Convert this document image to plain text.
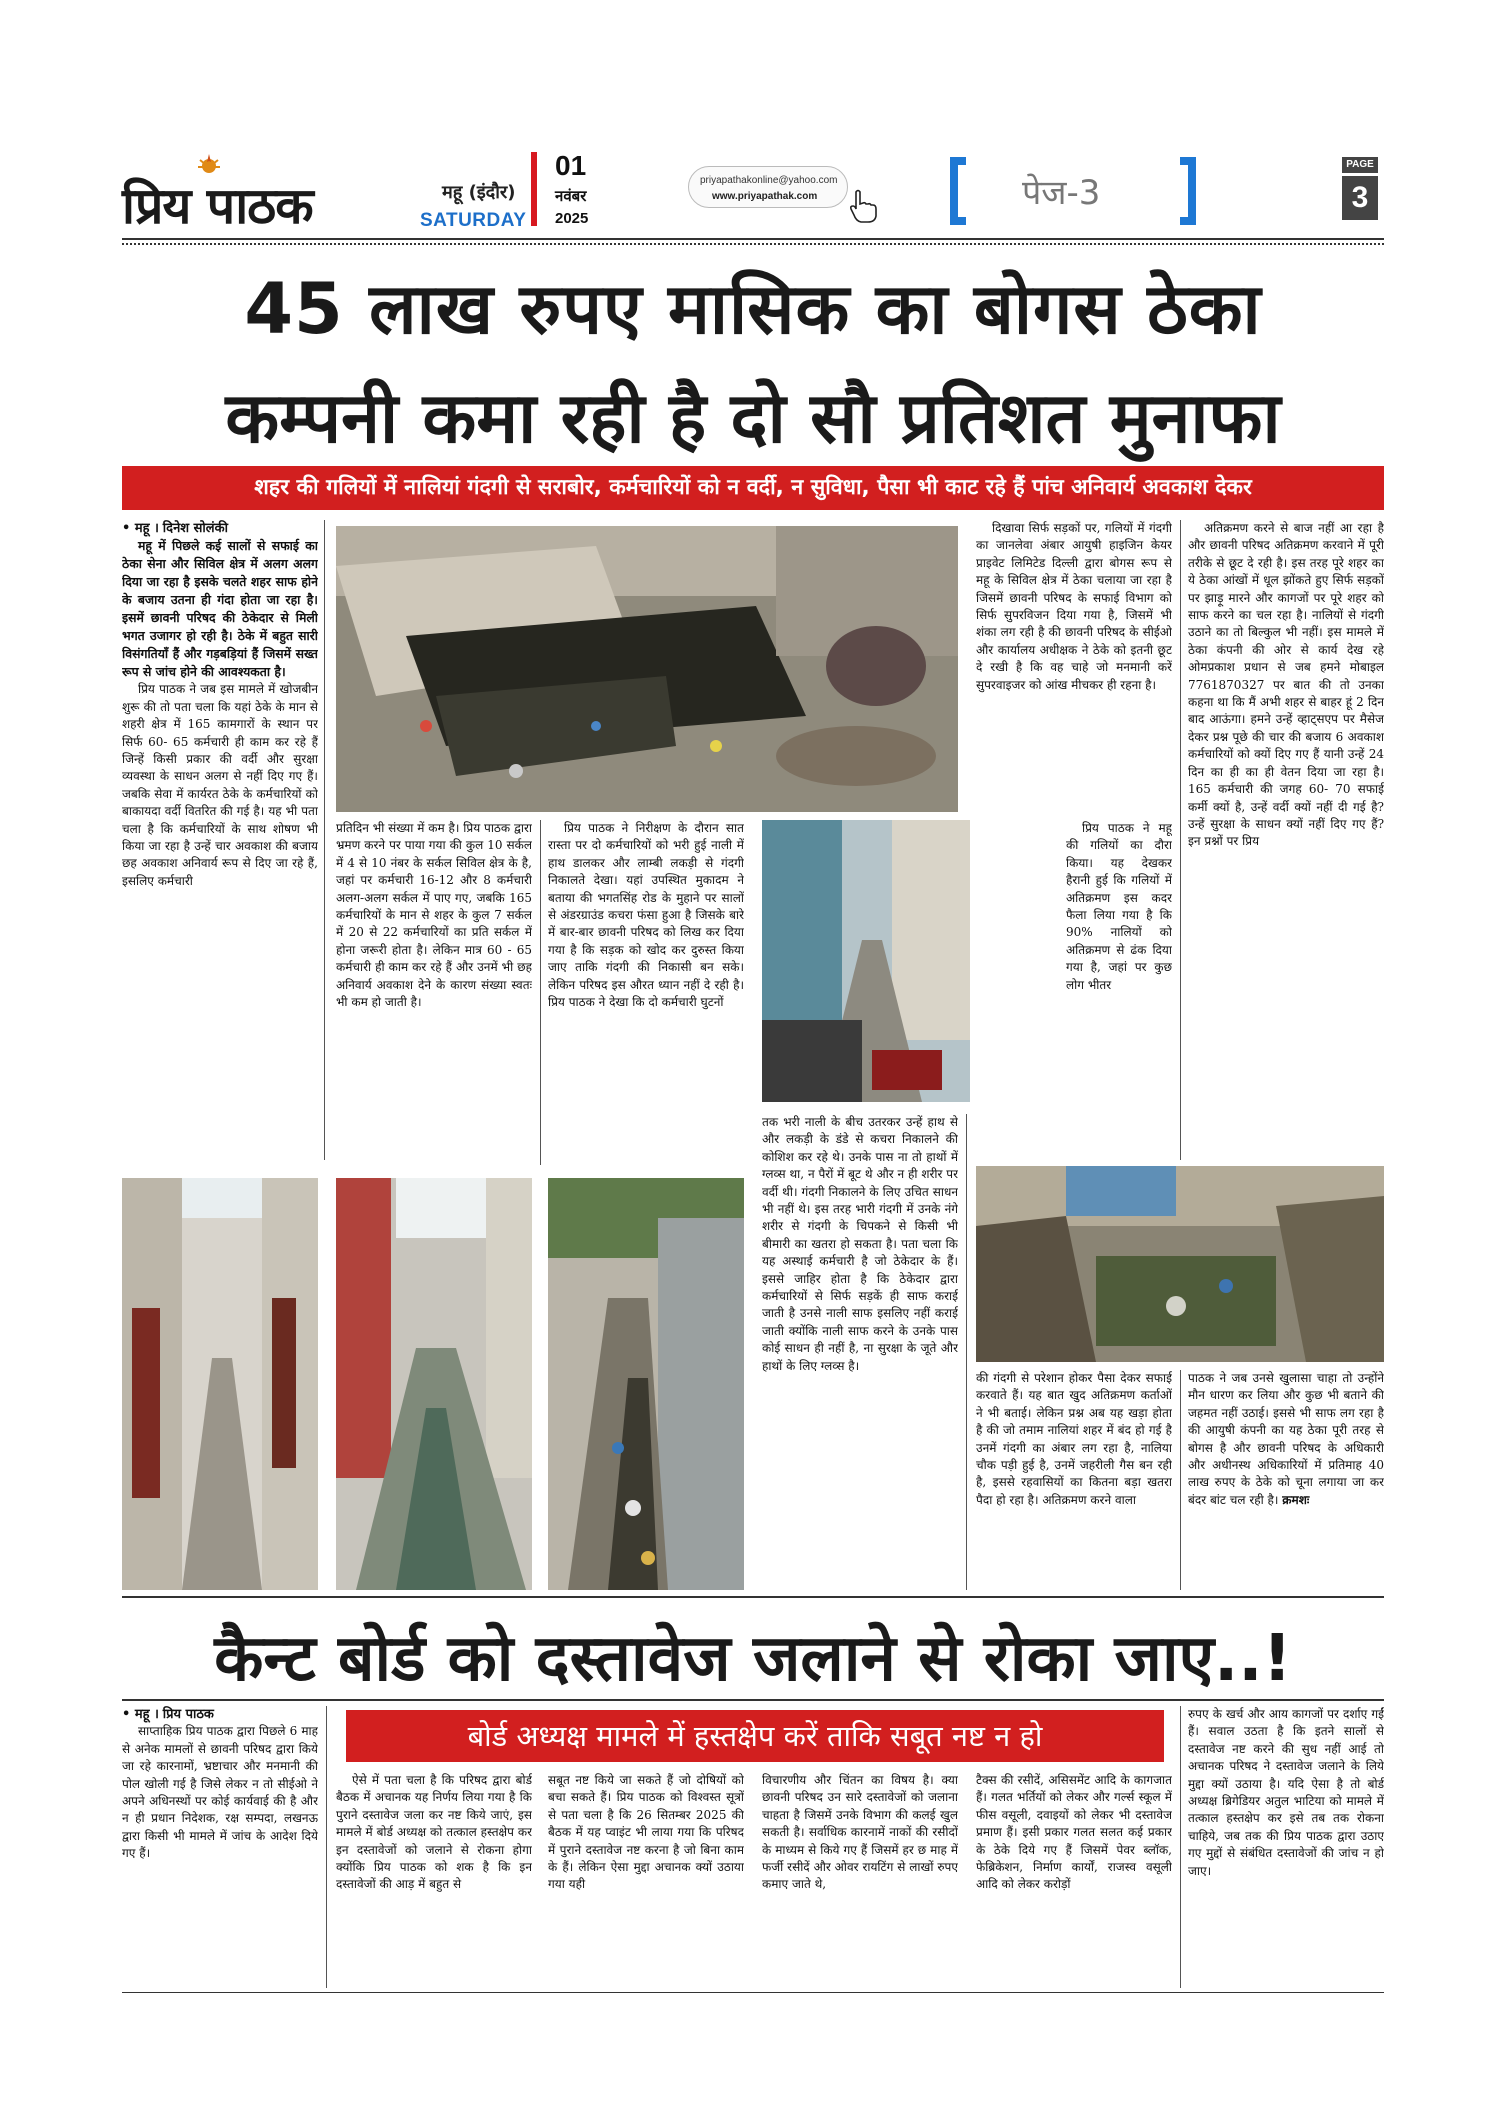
प्रिय पाठक	महू (इंदौर)
SATURDAY
01
नवंबर
2025
priyapathakonline@yahoo.com
www.priyapathak.com	पेज-3
PAGE
3
45 लाख रुपए मासिक का बोगस ठेका
कम्पनी कमा रही है दो सौ प्रतिशत मुनाफा
शहर की गलियों में नालियां गंदगी से सराबोर, कर्मचारियों को न वर्दी, न सुविधा, पैसा भी काट रहे हैं पांच अनिवार्य अवकाश देकर

• महू । दिनेश सोलंकी

महू में पिछले कई सालों से सफाई का ठेका सेना और सिविल क्षेत्र में अलग अलग दिया जा रहा है इसके चलते शहर साफ होने के बजाय उतना ही गंदा होता जा रहा है। इसमें छावनी परिषद की ठेकेदार से मिली भगत उजागर हो रही है। ठेके में बहुत सारी विसंगतियाँ हैं और गड़बड़ियां हैं जिसमें सख्त रूप से जांच होने की आवश्यकता है।

प्रिय पाठक ने जब इस मामले में खोजबीन शुरू की तो पता चला कि यहां ठेके के मान से शहरी क्षेत्र में 165 कामगारों के स्थान पर सिर्फ 60- 65 कर्मचारी ही काम कर रहे हैं जिन्हें किसी प्रकार की वर्दी और सुरक्षा व्यवस्था के साधन अलग से नहीं दिए गए हैं। जबकि सेवा में कार्यरत ठेके के कर्मचारियों को बाकायदा वर्दी वितरित की गई है। यह भी पता चला है कि कर्मचारियों के साथ शोषण भी किया जा रहा है उन्हें चार अवकाश की बजाय छह अवकाश अनिवार्य रूप से दिए जा रहे हैं, इसलिए कर्मचारी

प्रतिदिन भी संख्या में कम है। प्रिय पाठक द्वारा भ्रमण करने पर पाया गया की कुल 10 सर्कल में 4 से 10 नंबर के सर्कल सिविल क्षेत्र के है, जहां पर कर्मचारी 16-12 और 8 कर्मचारी अलग-अलग सर्कल में पाए गए, जबकि 165 कर्मचारियों के मान से शहर के कुल 7 सर्कल में 20 से 22 कर्मचारियों का प्रति सर्कल में होना जरूरी होता है। लेकिन मात्र 60 - 65 कर्मचारी ही काम कर रहे हैं और उनमें भी छह अनिवार्य अवकाश देने के कारण संख्या स्वतः भी कम हो जाती है।

प्रिय पाठक ने निरीक्षण के दौरान सात रास्ता पर दो कर्मचारियों को भरी हुई नाली में हाथ डालकर और लाम्बी लकड़ी से गंदगी निकालते देखा। यहां उपस्थित मुकादम ने बताया की भगतसिंह रोड के मुहाने पर सालों से अंडरग्राउंड कचरा फंसा हुआ है जिसके बारे में बार-बार छावनी परिषद को लिख कर दिया गया है कि सड़क को खोद कर दुरुस्त किया जाए ताकि गंदगी की निकासी बन सके। लेकिन परिषद इस औरत ध्यान नहीं दे रही है। प्रिय पाठक ने देखा कि दो कर्मचारी घुटनों

दिखावा सिर्फ सड़कों पर, गलियों में गंदगी का जानलेवा अंबार आयुषी हाइजिन केयर प्राइवेट लिमिटेड दिल्ली द्वारा बोगस रूप से महू के सिविल क्षेत्र में ठेका चलाया जा रहा है जिसमें छावनी परिषद के सफाई विभाग को सिर्फ सुपरविजन दिया गया है, जिसमें भी शंका लग रही है की छावनी परिषद के सीईओ और कार्यालय अधीक्षक ने ठेके को इतनी छूट दे रखी है कि वह चाहे जो मनमानी करें सुपरवाइजर को आंख मीचकर ही रहना है।

प्रिय पाठक ने महू की गलियों का दौरा किया। यह देखकर हैरानी हुई कि गलियों में अतिक्रमण इस कदर फैला लिया गया है कि 90% नालियों को अतिक्रमण से ढंक दिया गया है, जहां पर कुछ लोग भीतर

अतिक्रमण करने से बाज नहीं आ रहा है और छावनी परिषद अतिक्रमण करवाने में पूरी तरीके से छूट दे रही है। इस तरह पूरे शहर का ये ठेका आंखों में धूल झोंकते हुए सिर्फ सड़कों पर झाड़ू मारने और कागजों पर पूरे शहर को साफ करने का चल रहा है। नालियों से गंदगी उठाने का तो बिल्कुल भी नहीं। इस मामले में ठेका कंपनी की ओर से कार्य देख रहे ओमप्रकाश प्रधान से जब हमने मोबाइल 7761870327 पर बात की तो उनका कहना था कि मैं अभी शहर से बाहर हूं 2 दिन बाद आऊंगा। हमने उन्हें व्हाट्सएप पर मैसेज देकर प्रश्न पूछे की चार की बजाय 6 अवकाश कर्मचारियों को क्यों दिए गए हैं यानी उन्हें 24 दिन का ही का ही वेतन दिया जा रहा है। 165 कर्मचारी की जगह 60- 70 सफाई कर्मी क्यों है, उन्हें वर्दी क्यों नहीं दी गई है? उन्हें सुरक्षा के साधन क्यों नहीं दिए गए हैं? इन प्रश्नों पर प्रिय

तक भरी नाली के बीच उतरकर उन्हें हाथ से और लकड़ी के डंडे से कचरा निकालने की कोशिश कर रहे थे। उनके पास ना तो हाथों में ग्लव्स था, न पैरों में बूट थे और न ही शरीर पर वर्दी थी। गंदगी निकालने के लिए उचित साधन भी नहीं थे। इस तरह भारी गंदगी में उनके नंगे शरीर से गंदगी के चिपकने से किसी भी बीमारी का खतरा हो सकता है। पता चला कि यह अस्थाई कर्मचारी है जो ठेकेदार के हैं। इससे जाहिर होता है कि ठेकेदार द्वारा कर्मचारियों से सिर्फ सड़कें ही साफ कराई जाती है उनसे नाली साफ इसलिए नहीं कराई जाती क्योंकि नाली साफ करने के उनके पास कोई साधन ही नहीं है, ना सुरक्षा के जूते और हाथों के लिए ग्लव्स है।

की गंदगी से परेशान होकर पैसा देकर सफाई करवाते हैं। यह बात खुद अतिक्रमण कर्ताओं ने भी बताई। लेकिन प्रश्न अब यह खड़ा होता है की जो तमाम नालियां शहर में बंद हो गई है उनमें गंदगी का अंबार लग रहा है, नालिया चौक पड़ी हुई है, उनमें जहरीली गैस बन रही है, इससे रहवासियों का कितना बड़ा खतरा पैदा हो रहा है। अतिक्रमण करने वाला

पाठक ने जब उनसे खुलासा चाहा तो उन्होंने मौन धारण कर लिया और कुछ भी बताने की जहमत नहीं उठाई। इससे भी साफ लग रहा है की आयुषी कंपनी का यह ठेका पूरी तरह से बोगस है और छावनी परिषद के अधिकारी और अधीनस्थ अधिकारियों में प्रतिमाह 40 लाख रुपए के ठेके को चूना लगाया जा कर बंदर बांट चल रही है। क्रमशः

कैन्ट बोर्ड को दस्तावेज जलाने से रोका जाए..!
बोर्ड अध्यक्ष मामले में हस्तक्षेप करें ताकि सबूत नष्ट न हो

• महू । प्रिय पाठक

साप्ताहिक प्रिय पाठक द्वारा पिछले 6 माह से अनेक मामलों से छावनी परिषद द्वारा किये जा रहे कारनामों, भ्रष्टाचार और मनमानी की पोल खोली गई है जिसे लेकर न तो सीईओ ने अपने अधिनस्थों पर कोई कार्यवाई की है और न ही प्रधान निदेशक, रक्ष सम्पदा, लखनऊ द्वारा किसी भी मामले में जांच के आदेश दिये गए हैं।

ऐसे में पता चला है कि परिषद द्वारा बोर्ड बैठक में अचानक यह निर्णय लिया गया है कि पुराने दस्तावेज जला कर नष्ट किये जाएं, इस मामले में बोर्ड अध्यक्ष को तत्काल हस्तक्षेप कर इन दस्तावेजों को जलाने से रोकना होगा क्योंकि प्रिय पाठक को शक है कि इन दस्तावेजों की आड़ में बहुत से

सबूत नष्ट किये जा सकते हैं जो दोषियों को बचा सकते हैं। प्रिय पाठक को विश्वस्त सूत्रों से पता चला है कि 26 सितम्बर 2025 की बैठक में यह प्वाइंट भी लाया गया कि परिषद में पुराने दस्तावेज नष्ट करना है जो बिना काम के हैं। लेकिन ऐसा मुद्दा अचानक क्यों उठाया गया यही

विचारणीय और चिंतन का विषय है। क्या छावनी परिषद उन सारे दस्तावेजों को जलाना चाहता है जिसमें उनके विभाग की कलई खुल सकती है। सर्वाधिक कारनामें नाकों की रसीदों के माध्यम से किये गए हैं जिसमें हर छ माह में फर्जी रसीदें और ओवर रायटिंग से लाखों रुपए कमाए जाते थे,

टैक्स की रसीदें, असिसमेंट आदि के कागजात हैं। गलत भर्तियों को लेकर और गर्ल्स स्कूल में फीस वसूली, दवाइयों को लेकर भी दस्तावेज प्रमाण हैं। इसी प्रकार गलत सलत कई प्रकार के ठेके दिये गए हैं जिसमें पेवर ब्लॉक, फेब्रिकेशन, निर्माण कार्यों, राजस्व वसूली आदि को लेकर करोड़ों

रुपए के खर्च और आय कागजों पर दर्शाए गईं हैं। सवाल उठता है कि इतने सालों से दस्तावेज नष्ट करने की सुध नहीं आई तो अचानक परिषद ने दस्तावेज जलाने के लिये मुद्दा क्यों उठाया है। यदि ऐसा है तो बोर्ड अध्यक्ष ब्रिगेडियर अतुल भाटिया को मामले में तत्काल हस्तक्षेप कर इसे तब तक रोकना चाहिये, जब तक की प्रिय पाठक द्वारा उठाए गए मुद्दों से संबंधित दस्तावेजों की जांच न हो जाए।
